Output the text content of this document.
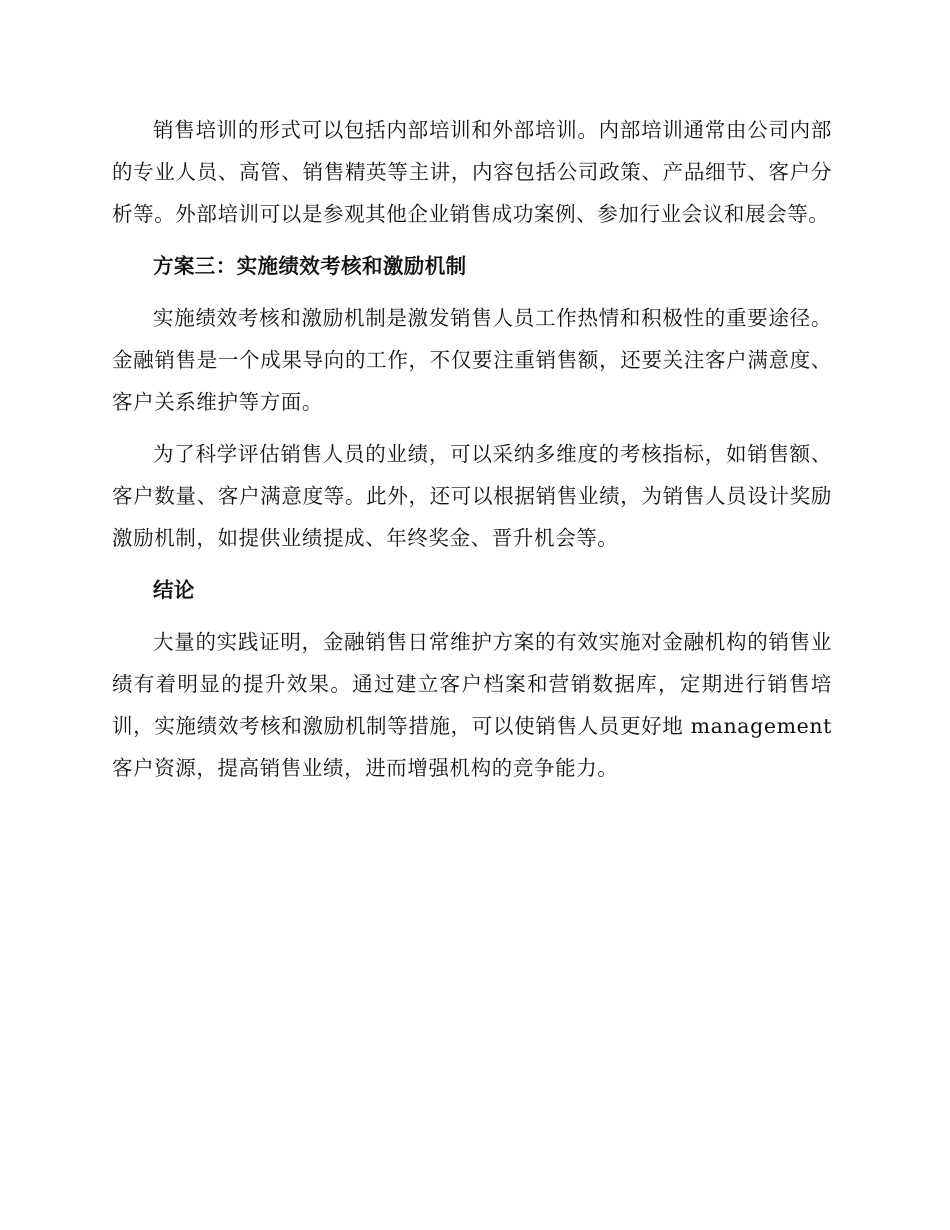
销售培训的形式可以包括内部培训和外部培训。内部培训通常由公司内部的专业人员、高管、销售精英等主讲，内容包括公司政策、产品细节、客户分析等。外部培训可以是参观其他企业销售成功案例、参加行业会议和展会等。

方案三：实施绩效考核和激励机制

实施绩效考核和激励机制是激发销售人员工作热情和积极性的重要途径。金融销售是一个成果导向的工作，不仅要注重销售额，还要关注客户满意度、客户关系维护等方面。

为了科学评估销售人员的业绩，可以采纳多维度的考核指标，如销售额、客户数量、客户满意度等。此外，还可以根据销售业绩，为销售人员设计奖励激励机制，如提供业绩提成、年终奖金、晋升机会等。

结论

大量的实践证明，金融销售日常维护方案的有效实施对金融机构的销售业绩有着明显的提升效果。通过建立客户档案和营销数据库，定期进行销售培训，实施绩效考核和激励机制等措施，可以使销售人员更好地 management 客户资源，提高销售业绩，进而增强机构的竞争能力。
